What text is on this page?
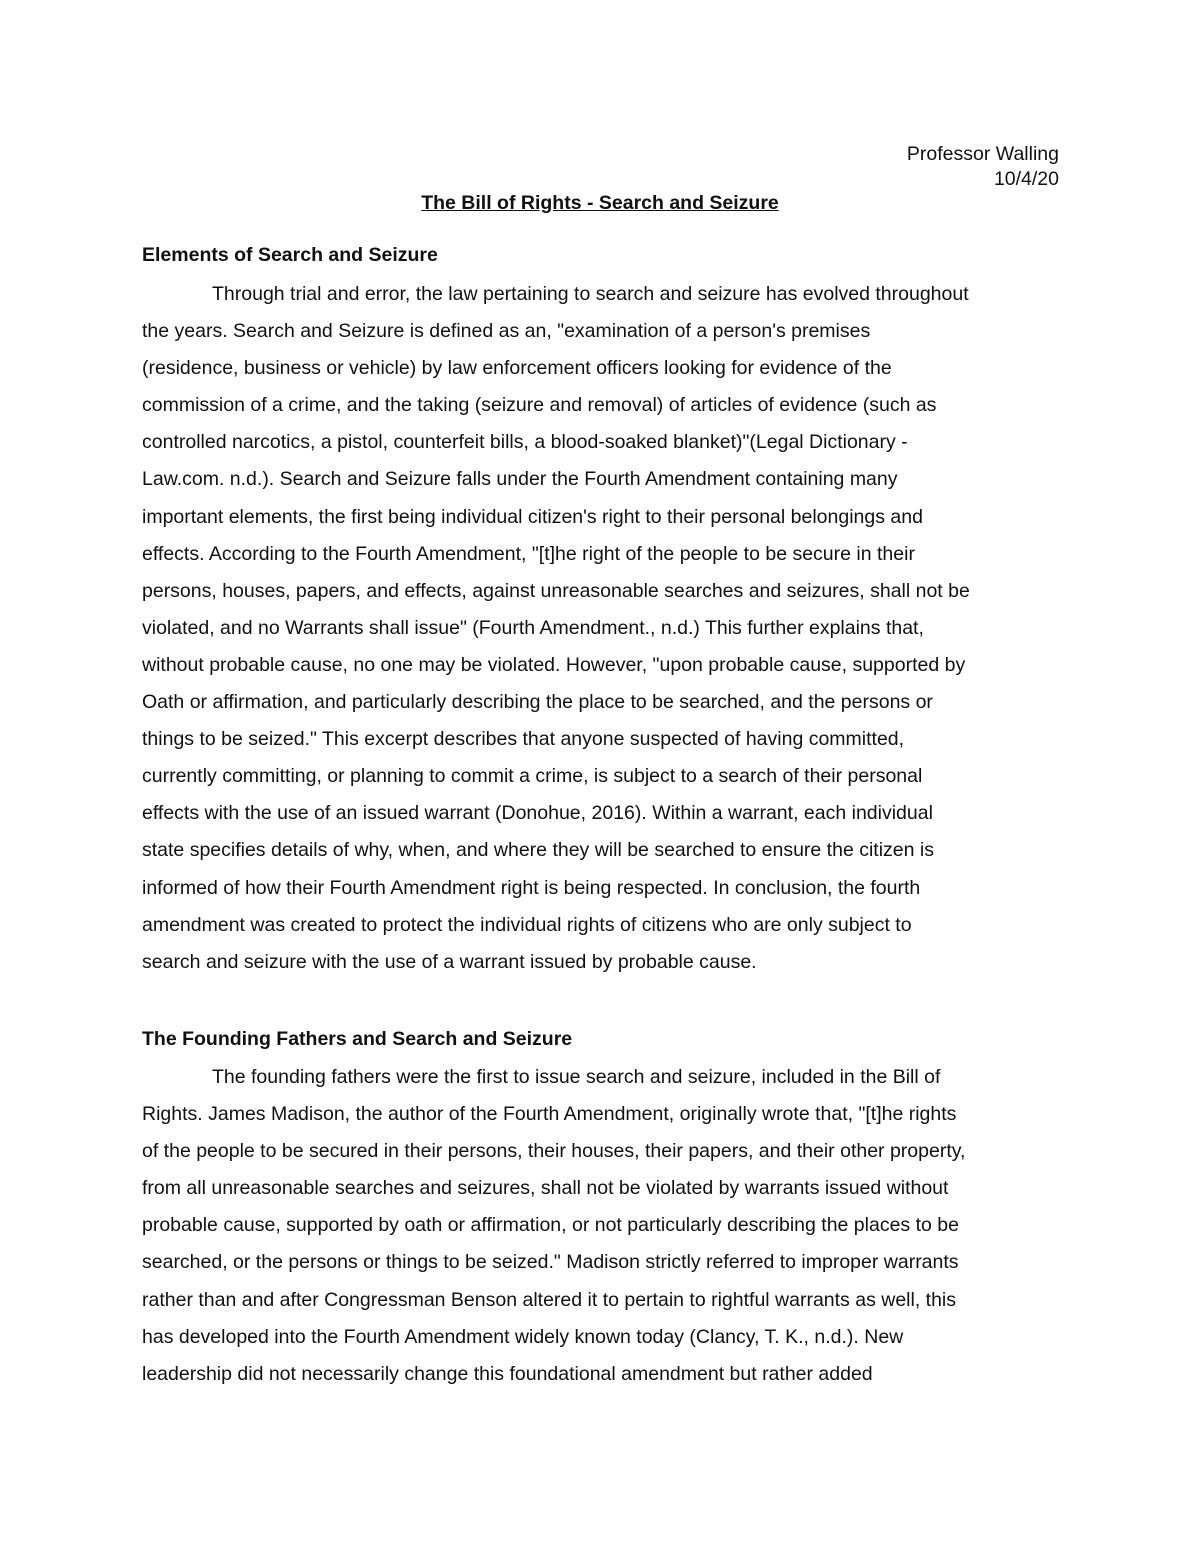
Professor Walling
10/4/20
The Bill of Rights - Search and Seizure
Elements of Search and Seizure
Through trial and error, the law pertaining to search and seizure has evolved throughout
the years. Search and Seizure is defined as an, "examination of a person's premises
(residence, business or vehicle) by law enforcement officers looking for evidence of the
commission of a crime, and the taking (seizure and removal) of articles of evidence (such as
controlled narcotics, a pistol, counterfeit bills, a blood-soaked blanket)"(Legal Dictionary -
Law.com. n.d.). Search and Seizure falls under the Fourth Amendment containing many
important elements, the first being individual citizen's right to their personal belongings and
effects. According to the Fourth Amendment, "[t]he right of the people to be secure in their
persons, houses, papers, and effects, against unreasonable searches and seizures, shall not be
violated, and no Warrants shall issue" (Fourth Amendment., n.d.) This further explains that,
without probable cause, no one may be violated. However, "upon probable cause, supported by
Oath or affirmation, and particularly describing the place to be searched, and the persons or
things to be seized." This excerpt describes that anyone suspected of having committed,
currently committing, or planning to commit a crime, is subject to a search of their personal
effects with the use of an issued warrant (Donohue, 2016). Within a warrant, each individual
state specifies details of why, when, and where they will be searched to ensure the citizen is
informed of how their Fourth Amendment right is being respected. In conclusion, the fourth
amendment was created to protect the individual rights of citizens who are only subject to
search and seizure with the use of a warrant issued by probable cause.
The Founding Fathers and Search and Seizure
The founding fathers were the first to issue search and seizure, included in the Bill of
Rights. James Madison, the author of the Fourth Amendment, originally wrote that, "[t]he rights
of the people to be secured in their persons, their houses, their papers, and their other property,
from all unreasonable searches and seizures, shall not be violated by warrants issued without
probable cause, supported by oath or affirmation, or not particularly describing the places to be
searched, or the persons or things to be seized." Madison strictly referred to improper warrants
rather than and after Congressman Benson altered it to pertain to rightful warrants as well, this
has developed into the Fourth Amendment widely known today (Clancy, T. K., n.d.). New
leadership did not necessarily change this foundational amendment but rather added
